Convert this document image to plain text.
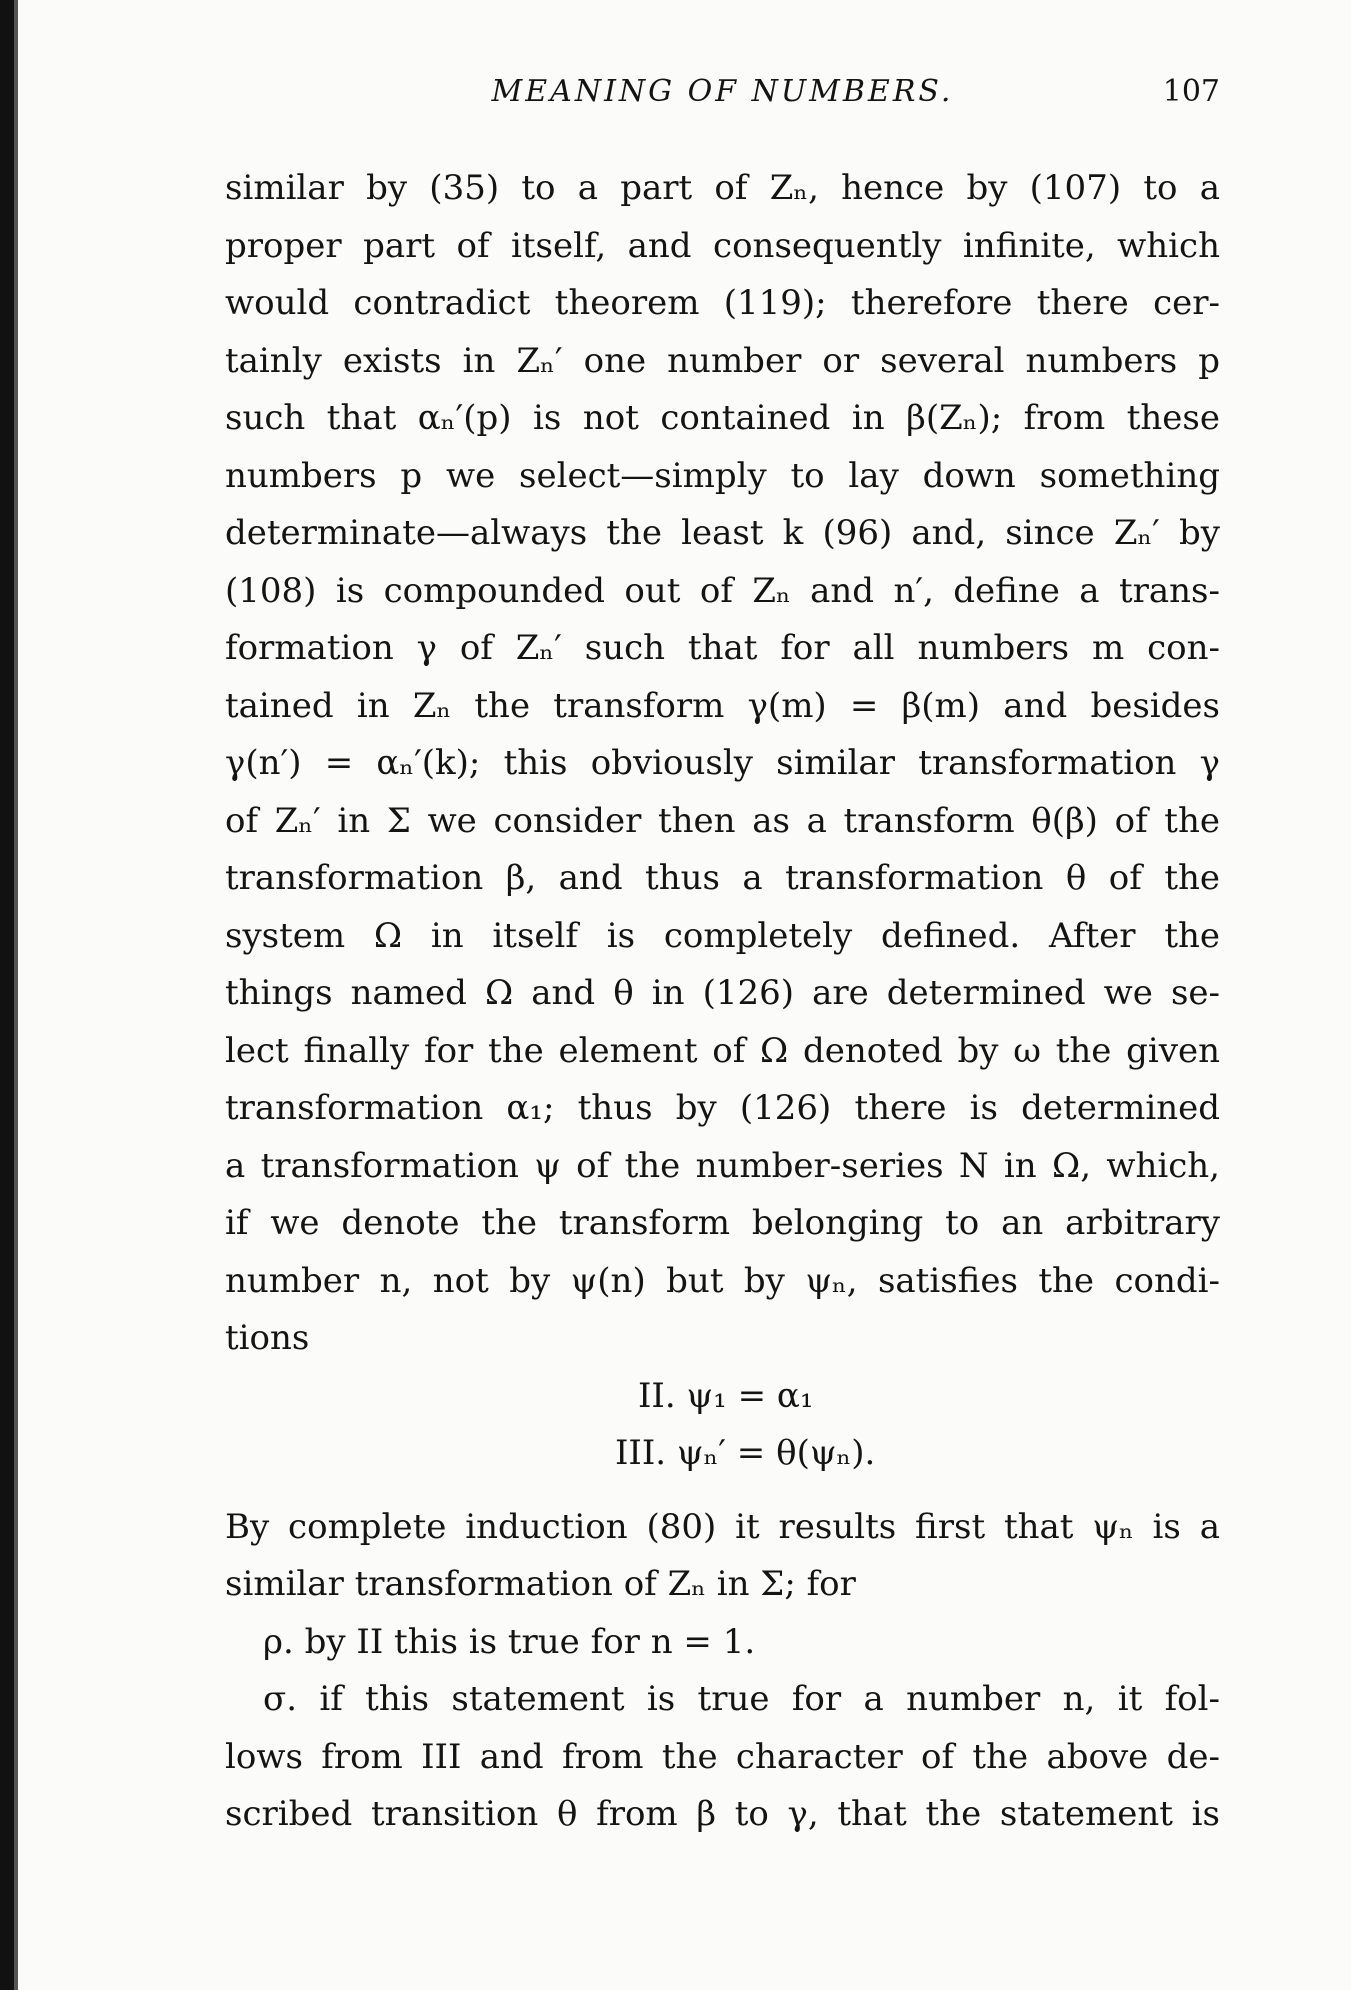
MEANING OF NUMBERS.	107
similar by (35) to a part of Zₙ, hence by (107) to a
proper part of itself, and consequently infinite, which
would contradict theorem (119); therefore there cer-
tainly exists in Zₙ′ one number or several numbers p
such that αₙ′(p) is not contained in β(Zₙ); from these
numbers p we select—simply to lay down something
determinate—always the least k (96) and, since Zₙ′ by
(108) is compounded out of Zₙ and n′, define a trans-
formation γ of Zₙ′ such that for all numbers m con-
tained in Zₙ the transform γ(m) = β(m) and besides
γ(n′) = αₙ′(k); this obviously similar transformation γ
of Zₙ′ in Σ we consider then as a transform θ(β) of the
transformation β, and thus a transformation θ of the
system Ω in itself is completely defined. After the
things named Ω and θ in (126) are determined we se-
lect finally for the element of Ω denoted by ω the given
transformation α₁; thus by (126) there is determined
a transformation ψ of the number-series N in Ω, which,
if we denote the transform belonging to an arbitrary
number n, not by ψ(n) but by ψₙ, satisfies the condi-
tions
II. ψ₁ = α₁
III. ψₙ′ = θ(ψₙ).
By complete induction (80) it results first that ψₙ is a
similar transformation of Zₙ in Σ; for
ρ. by II this is true for n = 1.
σ. if this statement is true for a number n, it fol-
lows from III and from the character of the above de-
scribed transition θ from β to γ, that the statement is
